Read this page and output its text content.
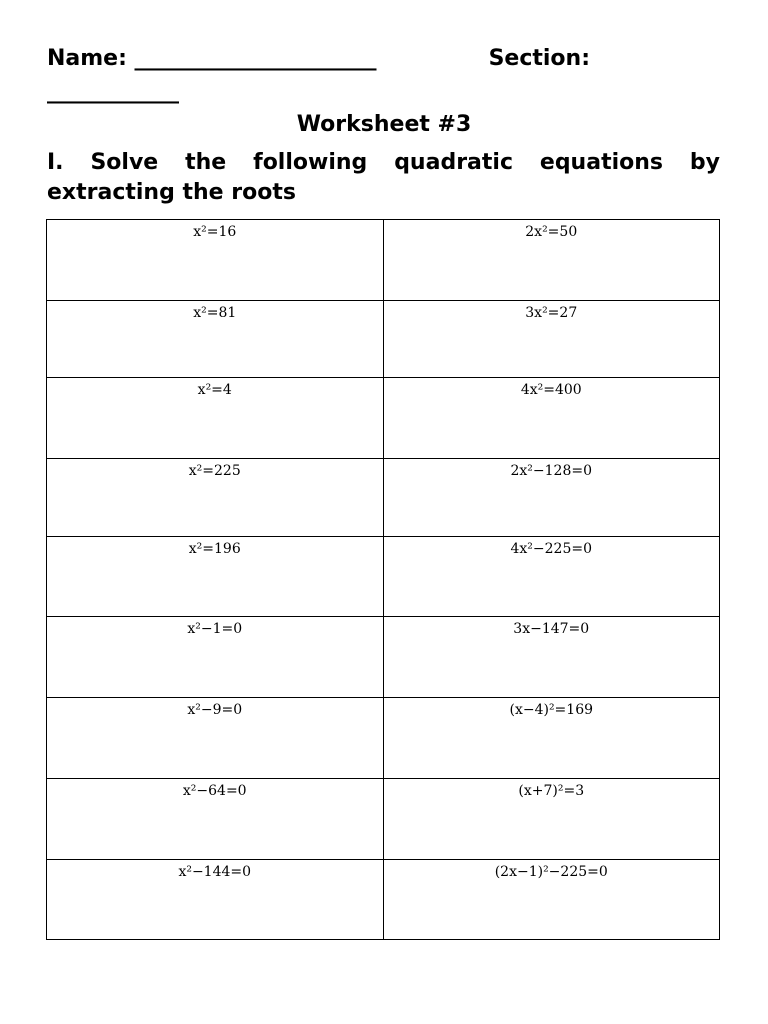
Name: ______________________	Section: ____________
Worksheet #3
I. Solve the following quadratic equations by extracting the roots
x²=16	2x²=50
x²=81	3x²=27
x²=4	4x²=400
x²=225	2x²−128=0
x²=196	4x²−225=0
x²−1=0	3x−147=0
x²−9=0	(x−4)²=169
x²−64=0	(x+7)²=3
x²−144=0	(2x−1)²−225=0
